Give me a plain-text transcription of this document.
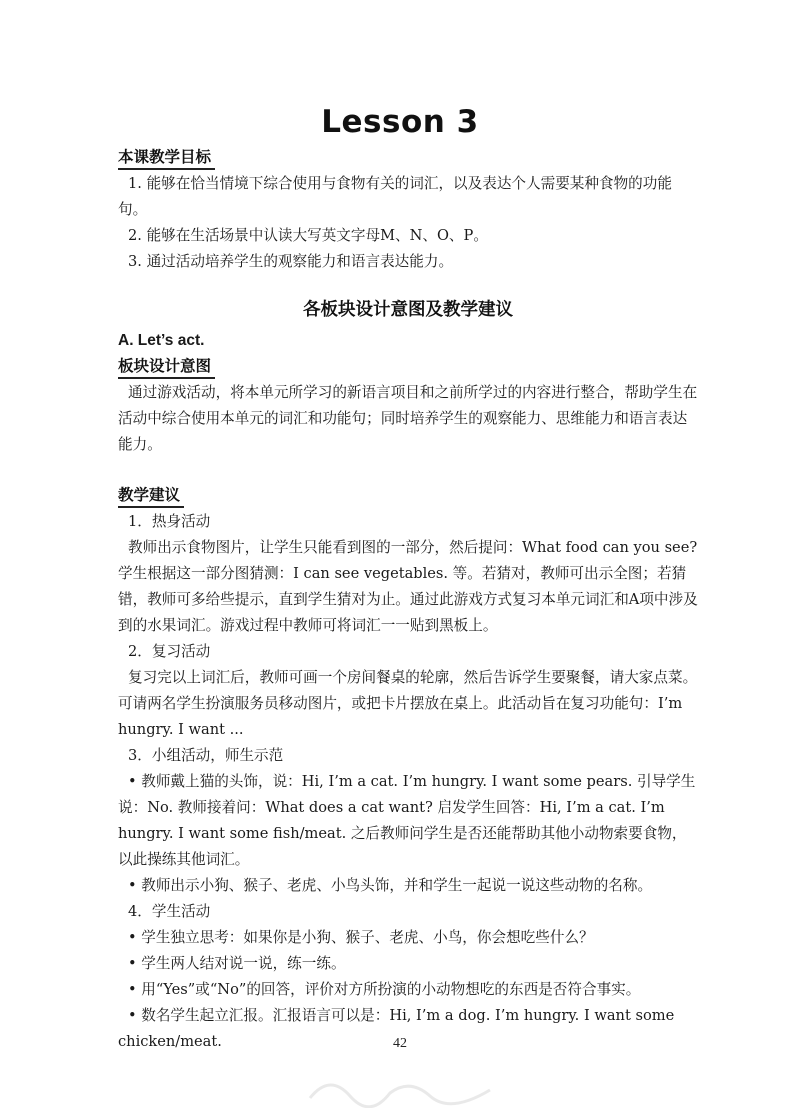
Lesson 3
本课教学目标

1. 能够在恰当情境下综合使用与食物有关的词汇，以及表达个人需要某种食物的功能句。

2. 能够在生活场景中认读大写英文字母M、N、O、P。

3. 通过活动培养学生的观察能力和语言表达能力。

各板块设计意图及教学建议
A. Let’s act.
板块设计意图

通过游戏活动，将本单元所学习的新语言项目和之前所学过的内容进行整合，帮助学生在活动中综合使用本单元的词汇和功能句；同时培养学生的观察能力、思维能力和语言表达能力。

教学建议

1．热身活动

教师出示食物图片，让学生只能看到图的一部分，然后提问：What food can you see? 学生根据这一部分图猜测：I can see vegetables. 等。若猜对，教师可出示全图；若猜错，教师可多给些提示，直到学生猜对为止。通过此游戏方式复习本单元词汇和A项中涉及到的水果词汇。游戏过程中教师可将词汇一一贴到黑板上。

2．复习活动

复习完以上词汇后，教师可画一个房间餐桌的轮廓，然后告诉学生要聚餐，请大家点菜。可请两名学生扮演服务员移动图片，或把卡片摆放在桌上。此活动旨在复习功能句：I’m hungry. I want ...

3．小组活动，师生示范

• 教师戴上猫的头饰，说：Hi, I’m a cat. I’m hungry. I want some pears. 引导学生说：No. 教师接着问：What does a cat want? 启发学生回答：Hi, I’m a cat. I’m hungry. I want some fish/meat. 之后教师问学生是否还能帮助其他小动物索要食物，以此操练其他词汇。

• 教师出示小狗、猴子、老虎、小鸟头饰，并和学生一起说一说这些动物的名称。

4．学生活动

• 学生独立思考：如果你是小狗、猴子、老虎、小鸟，你会想吃些什么？

• 学生两人结对说一说，练一练。

• 用“Yes”或“No”的回答，评价对方所扮演的小动物想吃的东西是否符合事实。

• 数名学生起立汇报。汇报语言可以是：Hi, I’m a dog. I’m hungry. I want some chicken/meat.	42
